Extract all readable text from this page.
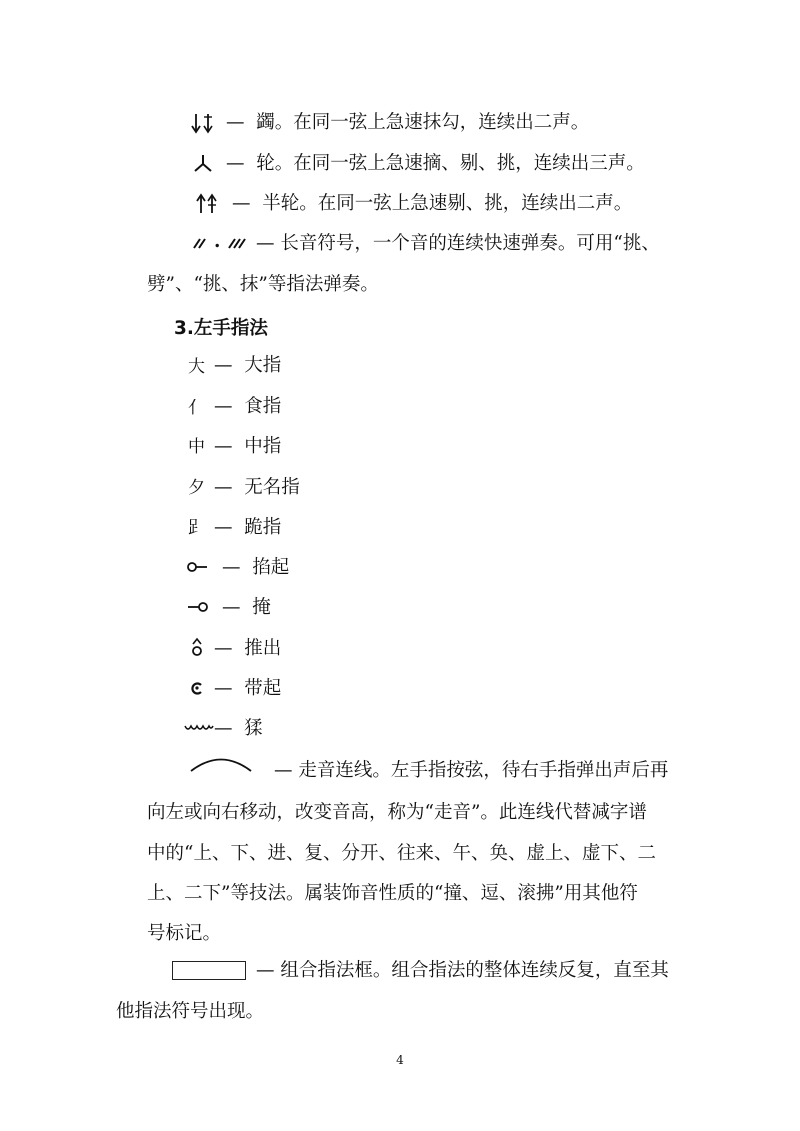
— 蠲。在同一弦上急速抹勾，连续出二声。
— 轮。在同一弦上急速摘、剔、挑，连续出三声。
— 半轮。在同一弦上急速剔、挑，连续出二声。
. — 长音符号，一个音的连续快速弹奏。可用“挑、
劈”、“挑、抹”等指法弹奏。
3.左手指法
大 — 大指
亻 — 食指
中 — 中指
夕 — 无名指
𧾷 — 跪指
— 掐起
— 掩
— 推出
— 带起
— 猱
— 走音连线。左手指按弦，待右手指弹出声后再
向左或向右移动，改变音高，称为“走音”。此连线代替减字谱
中的“上、下、进、复、分开、往来、午、奂、虚上、虚下、二
上、二下”等技法。属装饰音性质的“撞、逗、滚拂”用其他符
号标记。
— 组合指法框。组合指法的整体连续反复，直至其
他指法符号出现。
4
